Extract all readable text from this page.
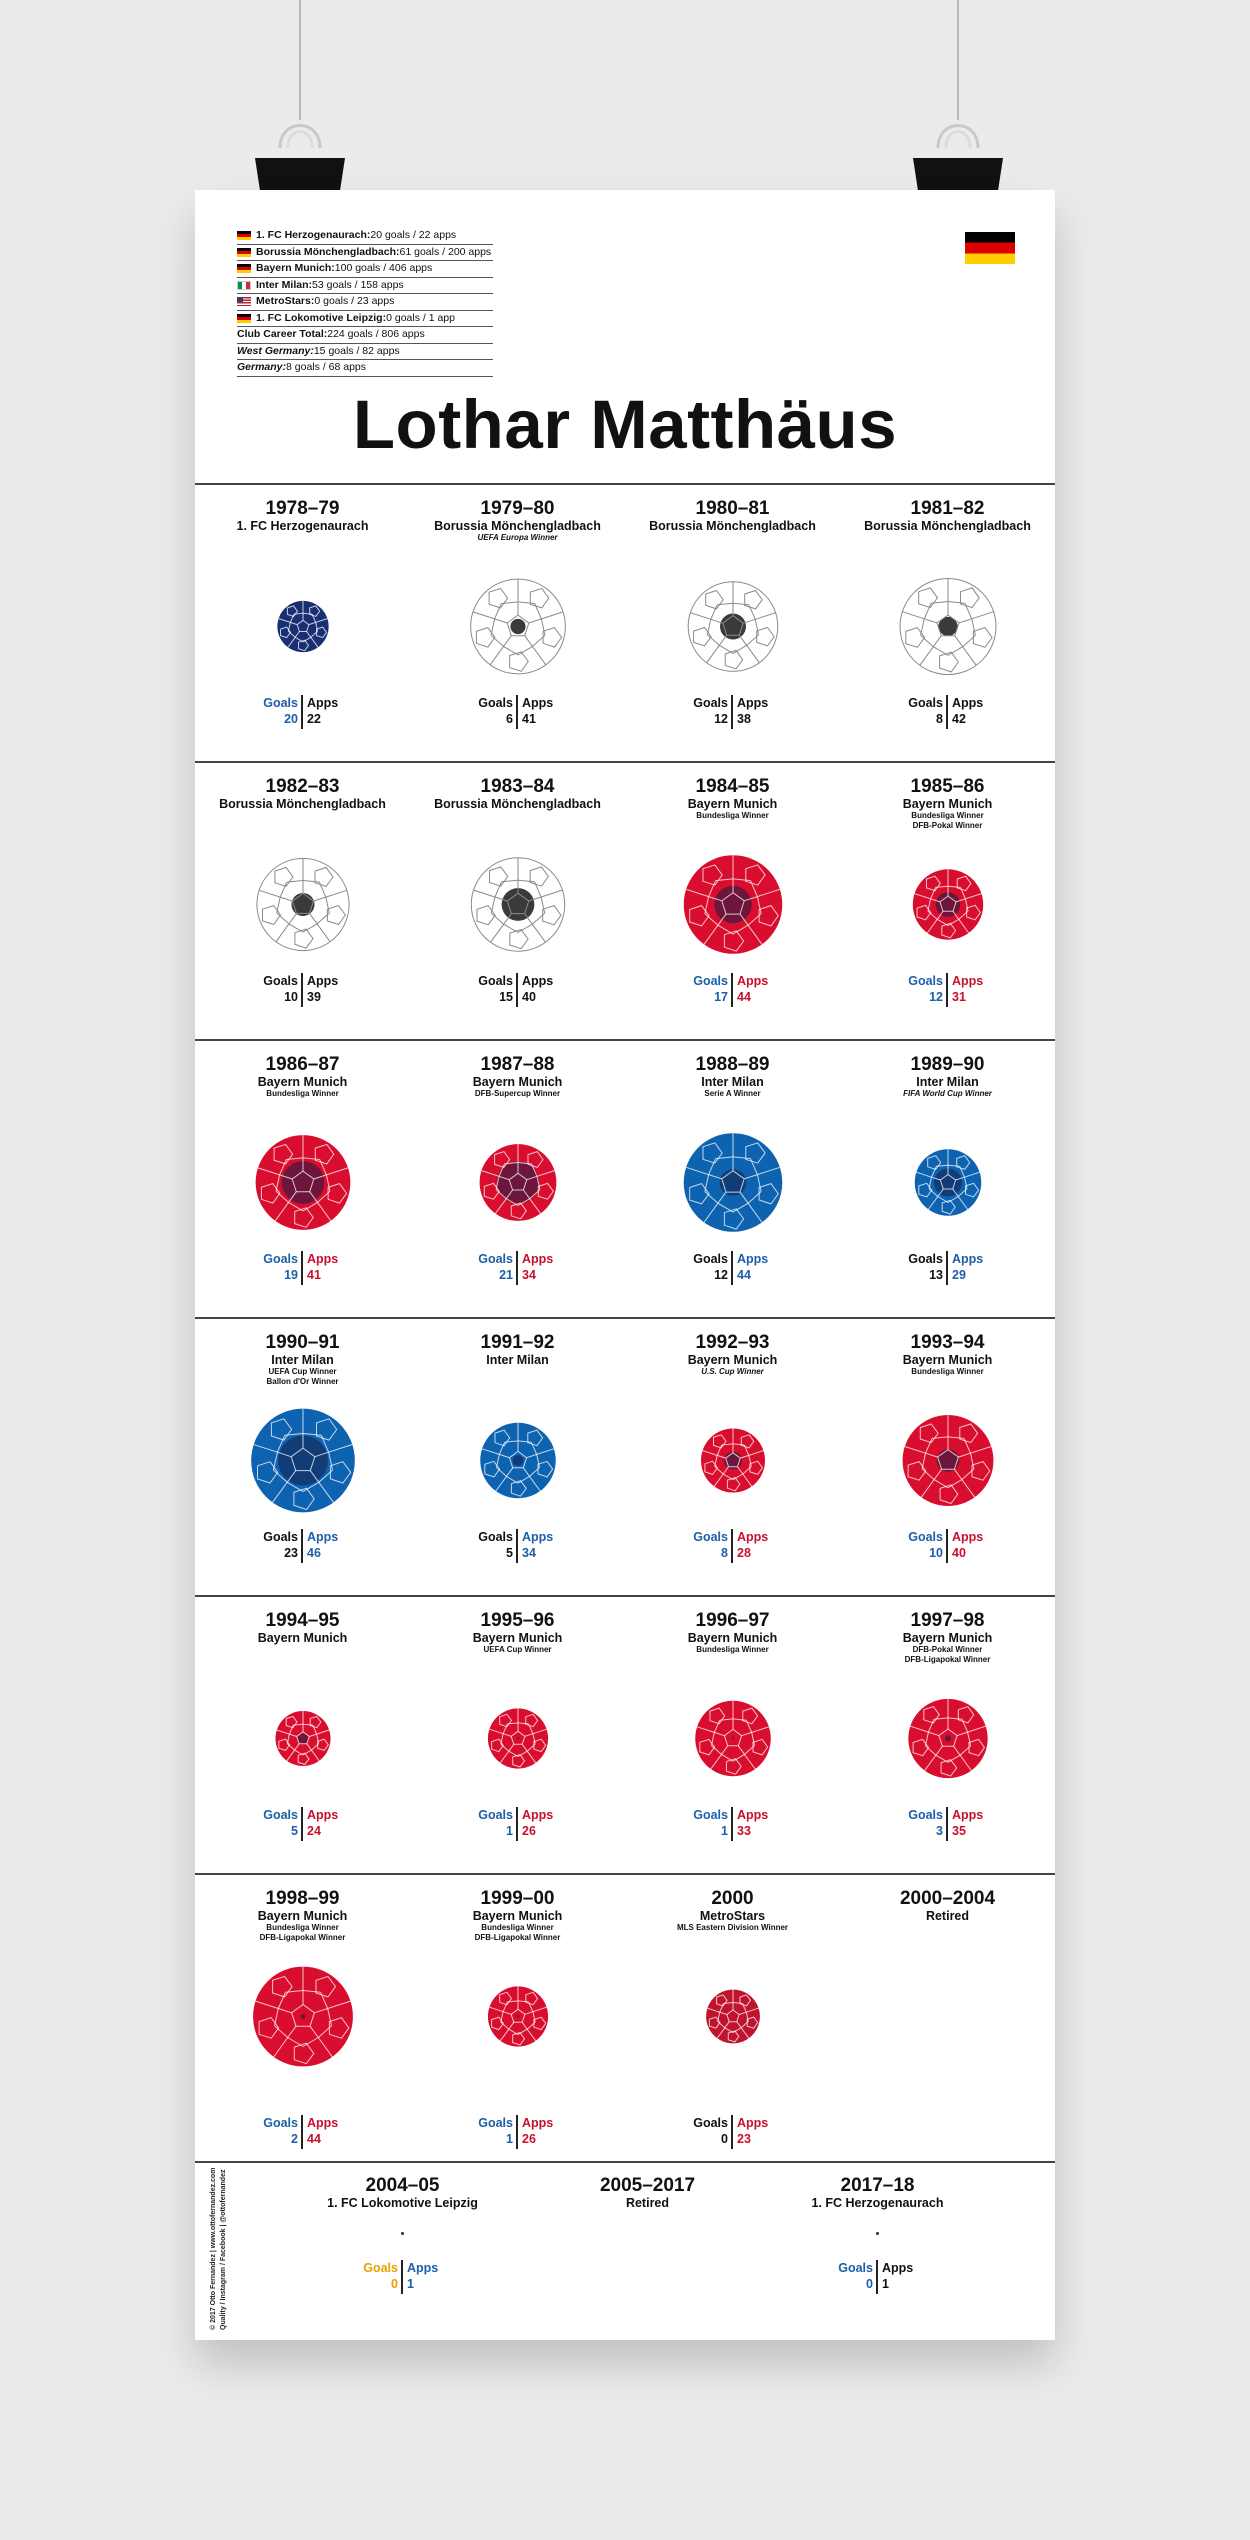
1. FC Herzogenaurach: 20 goals / 22 apps
Borussia Mönchengladbach: 61 goals / 200 apps
Bayern Munich: 100 goals / 406 apps
Inter Milan: 53 goals / 158 apps
MetroStars: 0 goals / 23 apps
1. FC Lokomotive Leipzig: 0 goals / 1 app
Club Career Total: 224 goals / 806 apps
West Germany: 15 goals / 82 apps
Germany: 8 goals / 68 apps
Lothar Matthäus
1978–79
1. FC Herzogenaurach
Goals Apps
20 22
1979–80
Borussia Mönchengladbach
UEFA Europa Winner
Goals Apps
6 41
1980–81
Borussia Mönchengladbach
Goals Apps
12 38
1981–82
Borussia Mönchengladbach
Goals Apps
8 42
1982–83
Borussia Mönchengladbach
Goals Apps
10 39
1983–84
Borussia Mönchengladbach
Goals Apps
15 40
1984–85
Bayern Munich
Bundesliga Winner
Goals Apps
17 44
1985–86
Bayern Munich
Bundesliga Winner
DFB-Pokal Winner
Goals Apps
12 31
1986–87
Bayern Munich
Bundesliga Winner
Goals Apps
19 41
1987–88
Bayern Munich
DFB-Supercup Winner
Goals Apps
21 34
1988–89
Inter Milan
Serie A Winner
Goals Apps
12 44
1989–90
Inter Milan
FIFA World Cup Winner
Goals Apps
13 29
1990–91
Inter Milan
UEFA Cup Winner
Ballon d'Or Winner
Goals Apps
23 46
1991–92
Inter Milan
Goals Apps
5 34
1992–93
Bayern Munich
U.S. Cup Winner
Goals Apps
8 28
1993–94
Bayern Munich
Bundesliga Winner
Goals Apps
10 40
1994–95
Bayern Munich
Goals Apps
5 24
1995–96
Bayern Munich
UEFA Cup Winner
Goals Apps
1 26
1996–97
Bayern Munich
Bundesliga Winner
Goals Apps
1 33
1997–98
Bayern Munich
DFB-Pokal Winner
DFB-Ligapokal Winner
Goals Apps
3 35
1998–99
Bayern Munich
Bundesliga Winner
DFB-Ligapokal Winner
Goals Apps
2 44
1999–00
Bayern Munich
Bundesliga Winner
DFB-Ligapokal Winner
Goals Apps
1 26
2000
MetroStars
MLS Eastern Division Winner
Goals Apps
0 23
2000–2004
Retired
2004–05
1. FC Lokomotive Leipzig
Goals Apps
0 1
2005–2017
Retired
2017–18
1. FC Herzogenaurach
Goals Apps
0 1
© 2017 Otto Fernandez | www.ottofernandez.com Quality / Instagram / Facebook | @ottofernandez
